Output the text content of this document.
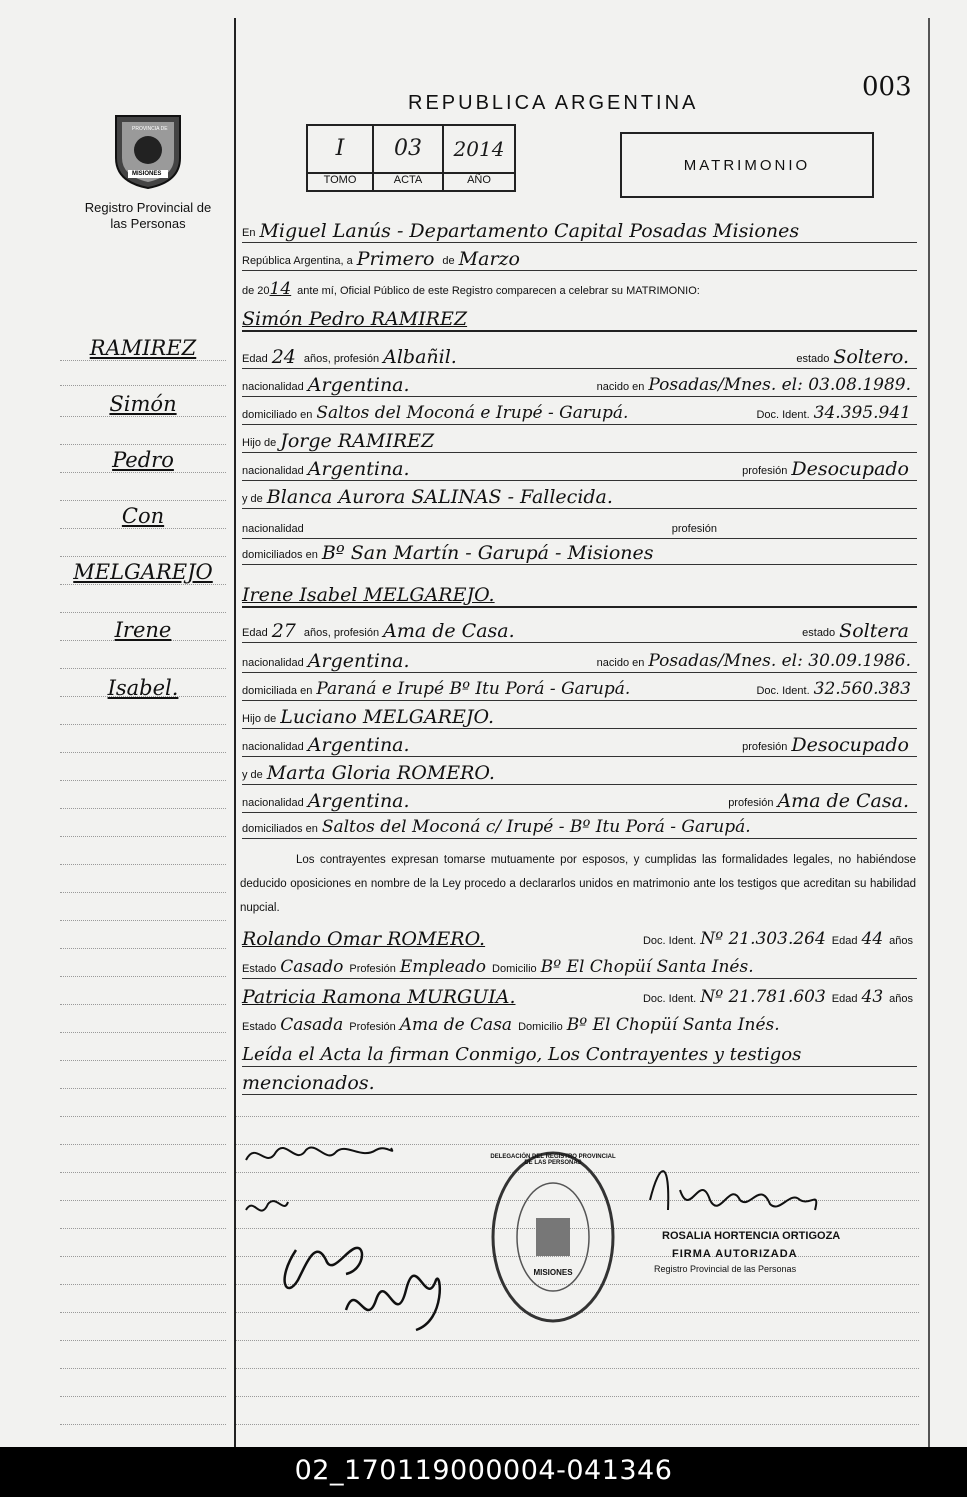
003
REPUBLICA ARGENTINA
PROVINCIA DE
MISIONES
Registro Provincial de las Personas
I	03	2014
TOMO	ACTA	AÑO
MATRIMONIO
RAMIREZ
Simón
Pedro
Con
MELGAREJO
Irene
Isabel.
En Miguel Lanús - Departamento Capital Posadas Misiones
República Argentina, a Primero de Marzo
de 20 14 ante mí, Oficial Público de este Registro comparecen a celebrar su MATRIMONIO:
Simón Pedro RAMIREZ
Edad 24 años, profesión Albañil.	estado Soltero.
nacionalidad Argentina.	nacido en Posadas/Mnes. el: 03.08.1989.
domiciliado en Saltos del Moconá e Irupé - Garupá.	Doc. Ident. 34.395.941
Hijo de Jorge RAMIREZ
nacionalidad Argentina.	profesión Desocupado
y de Blanca Aurora SALINAS - Fallecida.
nacionalidad	profesión
domiciliados en Bº San Martín - Garupá - Misiones
Irene Isabel MELGAREJO.
Edad 27 años, profesión Ama de Casa.	estado Soltera
nacionalidad Argentina.	nacido en Posadas/Mnes. el: 30.09.1986.
domiciliada en Paraná e Irupé Bº Itu Porá - Garupá.	Doc. Ident. 32.560.383
Hijo de Luciano MELGAREJO.
nacionalidad Argentina.	profesión Desocupado
y de Marta Gloria ROMERO.
nacionalidad Argentina.	profesión Ama de Casa.
domiciliados en Saltos del Moconá c/ Irupé - Bº Itu Porá - Garupá.
Los contrayentes expresan tomarse mutuamente por esposos, y cumplidas las formalidades legales, no habiéndose deducido oposiciones en nombre de la Ley procedo a declararlos unidos en matrimonio ante los testigos que acreditan su habilidad nupcial.
Rolando Omar ROMERO.	Doc. Ident. Nº 21.303.264 Edad 44 años
Estado Casado Profesión Empleado Domicilio Bº El Chopüí Santa Inés.
Patricia Ramona MURGUIA.	Doc. Ident. Nº 21.781.603 Edad 43 años
Estado Casada Profesión Ama de Casa Domicilio Bº El Chopüí Santa Inés.
Leída el Acta la firman Conmigo, Los Contrayentes y testigos
mencionados.
DELEGACIÓN DEL REGISTRO PROVINCIAL DE LAS PERSONAS
MISIONES
ROSALIA HORTENCIA ORTIGOZA
FIRMA AUTORIZADA
Registro Provincial de las Personas
02_170119000004-041346
